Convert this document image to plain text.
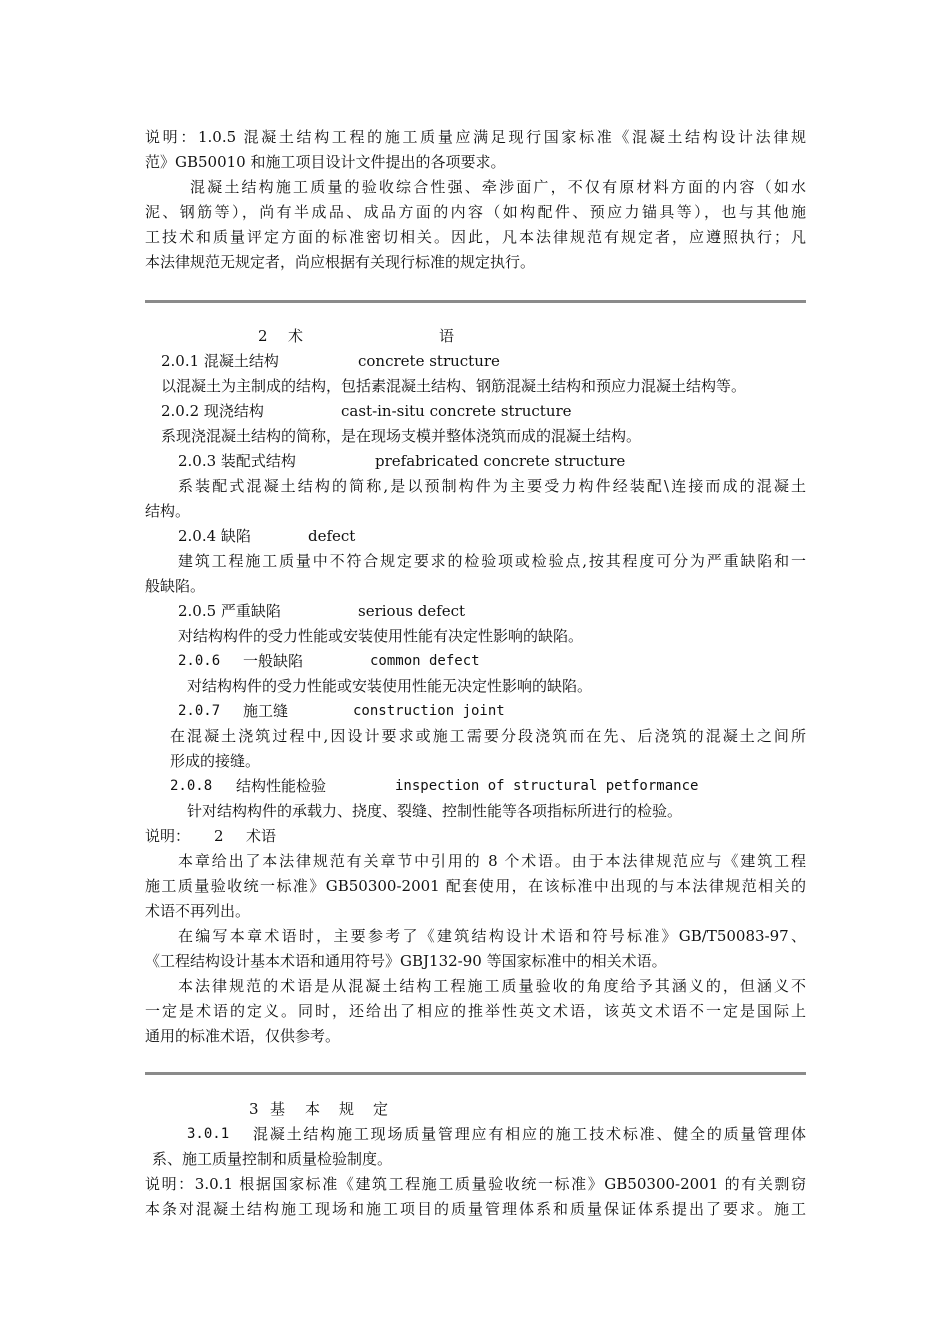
说明：1.0.5 混凝土结构工程的施工质量应满足现行国家标准《混凝土结构设计法律规
范》GB50010 和施工项目设计文件提出的各项要求。
混凝土结构施工质量的验收综合性强、牵涉面广，不仅有原材料方面的内容（如水
泥、钢筋等），尚有半成品、成品方面的内容（如构配件、预应力锚具等），也与其他施
工技术和质量评定方面的标准密切相关。因此，凡本法律规范有规定者，应遵照执行；凡
本法律规范无规定者，尚应根据有关现行标准的规定执行。
2 术	语
2.0.1 混凝土结构	concrete structure
以混凝土为主制成的结构，包括素混凝土结构、钢筋混凝土结构和预应力混凝土结构等。
2.0.2 现浇结构	cast-in-situ concrete structure
系现浇混凝土结构的简称，是在现场支模并整体浇筑而成的混凝土结构。
2.0.3 装配式结构	prefabricated concrete structure
系装配式混凝土结构的简称,是以预制构件为主要受力构件经装配\连接而成的混凝土
结构。
2.0.4 缺陷	defect
建筑工程施工质量中不符合规定要求的检验项或检验点,按其程度可分为严重缺陷和一
般缺陷。
2.0.5 严重缺陷	serious defect
对结构构件的受力性能或安装使用性能有决定性影响的缺陷。
2.0.6 一般缺陷	common defect
对结构构件的受力性能或安装使用性能无决定性影响的缺陷。
2.0.7 施工缝	construction joint
在混凝土浇筑过程中,因设计要求或施工需要分段浇筑而在先、后浇筑的混凝土之间所
形成的接缝。
2.0.8 结构性能检验	inspection of structural petformance
针对结构构件的承载力、挠度、裂缝、控制性能等各项指标所进行的检验。
说明： 2 术语
本章给出了本法律规范有关章节中引用的 8 个术语。由于本法律规范应与《建筑工程
施工质量验收统一标准》GB50300-2001 配套使用，在该标准中出现的与本法律规范相关的
术语不再列出。
在编写本章术语时，主要参考了《建筑结构设计术语和符号标准》GB/T50083-97、
《工程结构设计基本术语和通用符号》GBJ132-90 等国家标准中的相关术语。
本法律规范的术语是从混凝土结构工程施工质量验收的角度给予其涵义的，但涵义不
一定是术语的定义。同时，还给出了相应的推举性英文术语，该英文术语不一定是国际上
通用的标准术语，仅供参考。
3 基 本 规 定
3.0.1 混凝土结构施工现场质量管理应有相应的施工技术标准、健全的质量管理体
系、施工质量控制和质量检验制度。
说明：3.0.1 根据国家标准《建筑工程施工质量验收统一标准》GB50300-2001 的有关剽窃
本条对混凝土结构施工现场和施工项目的质量管理体系和质量保证体系提出了要求。施工
